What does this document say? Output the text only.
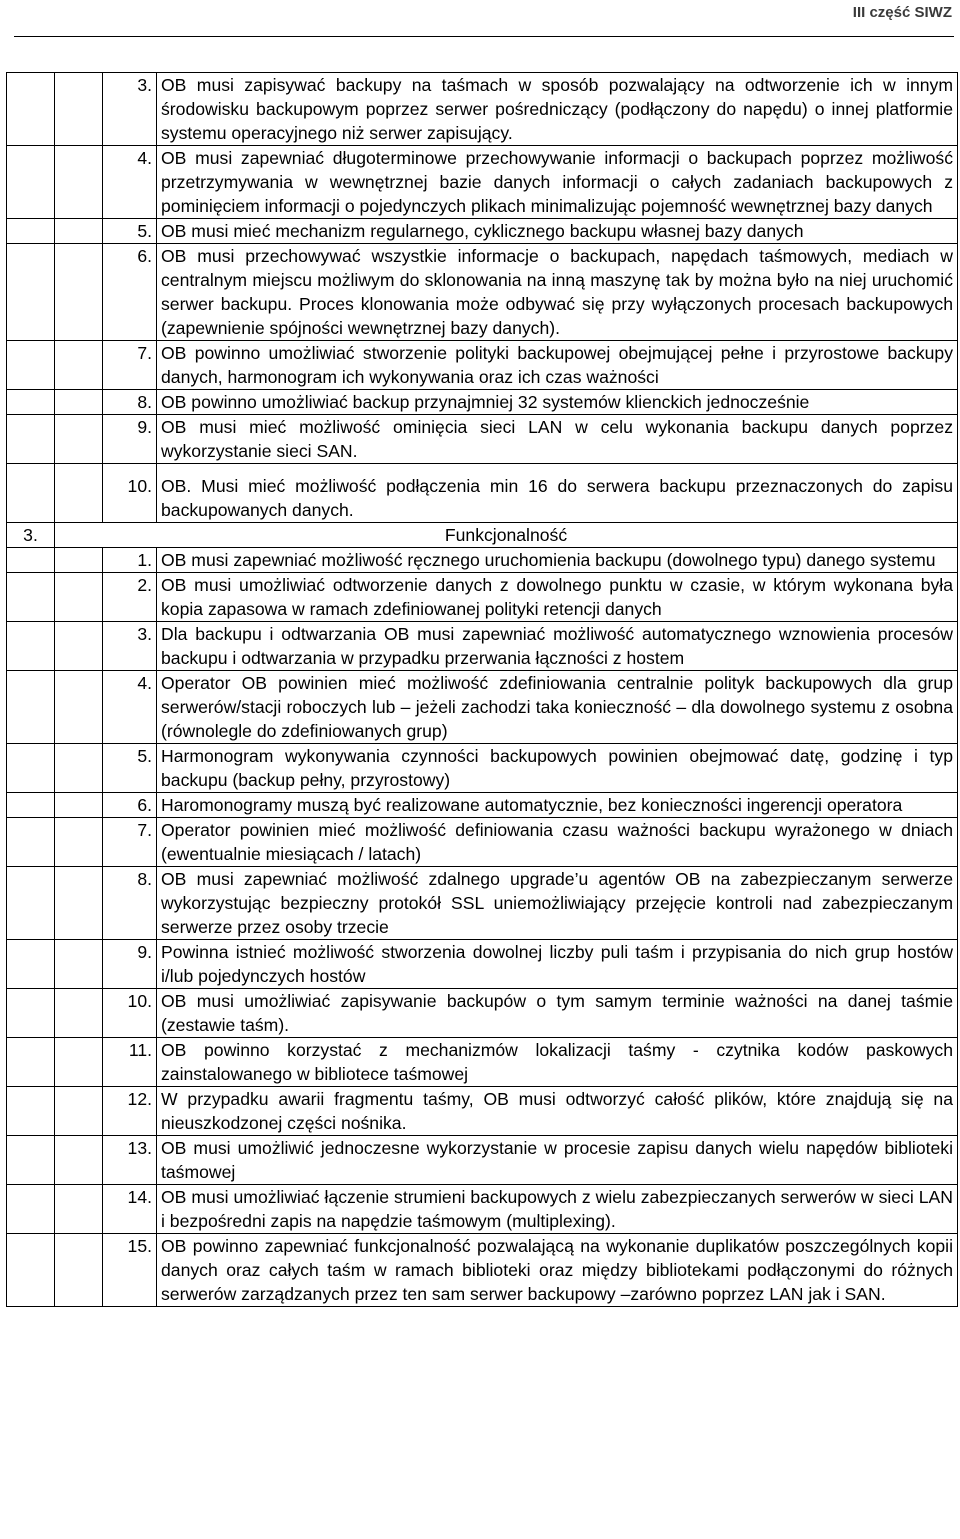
III część SIWZ
		3.	OB musi zapisywać backupy na taśmach w sposób pozwalający na odtworzenie ich w innym środowisku backupowym poprzez serwer pośredniczący (podłączony do napędu) o innej platformie systemu operacyjnego niż serwer zapisujący.
		4.	OB musi zapewniać długoterminowe przechowywanie informacji o backupach poprzez możliwość przetrzymywania w wewnętrznej bazie danych informacji o całych zadaniach backupowych z pominięciem informacji o pojedynczych plikach minimalizując pojemność wewnętrznej bazy danych
		5.	OB musi mieć mechanizm regularnego, cyklicznego backupu własnej bazy danych
		6.	OB musi przechowywać wszystkie informacje o backupach, napędach taśmowych, mediach w centralnym miejscu możliwym do sklonowania na inną maszynę tak by można było na niej uruchomić serwer backupu. Proces klonowania może odbywać się przy wyłączonych procesach backupowych (zapewnienie spójności wewnętrznej bazy danych).
		7.	OB powinno umożliwiać stworzenie polityki backupowej obejmującej pełne i przyrostowe backupy danych, harmonogram ich wykonywania oraz ich czas ważności
		8.	OB powinno umożliwiać backup przynajmniej 32 systemów klienckich jednocześnie
		9.	OB musi mieć możliwość ominięcia sieci LAN w celu wykonania backupu danych poprzez wykorzystanie sieci SAN.
		10.	OB. Musi mieć możliwość podłączenia min 16 do serwera backupu przeznaczonych do zapisu backupowanych danych.
3.	Funkcjonalność		
		1.	OB musi zapewniać możliwość ręcznego uruchomienia backupu (dowolnego typu) danego systemu
		2.	OB musi umożliwiać odtworzenie danych z dowolnego punktu w czasie, w którym wykonana była kopia zapasowa w ramach zdefiniowanej polityki retencji danych
		3.	Dla backupu i odtwarzania OB musi zapewniać możliwość automatycznego wznowienia procesów backupu i odtwarzania w przypadku przerwania łączności z hostem
		4.	Operator OB powinien mieć możliwość zdefiniowania centralnie polityk backupowych dla grup serwerów/stacji roboczych lub – jeżeli zachodzi taka konieczność – dla dowolnego systemu z osobna (równolegle do zdefiniowanych grup)
		5.	Harmonogram wykonywania czynności backupowych powinien obejmować datę, godzinę i typ backupu (backup pełny, przyrostowy)
		6.	Haromonogramy muszą być realizowane automatycznie, bez konieczności ingerencji operatora
		7.	Operator powinien mieć możliwość definiowania czasu ważności backupu wyrażonego w dniach (ewentualnie miesiącach / latach)
		8.	OB musi zapewniać możliwość zdalnego upgrade’u agentów OB na zabezpieczanym serwerze wykorzystując bezpieczny protokół SSL uniemożliwiający przejęcie kontroli nad zabezpieczanym serwerze przez osoby trzecie
		9.	Powinna istnieć możliwość stworzenia dowolnej liczby puli taśm i przypisania do nich grup hostów i/lub pojedynczych hostów
		10.	OB musi umożliwiać zapisywanie backupów o tym samym terminie ważności na danej taśmie (zestawie taśm).
		11.	OB powinno korzystać z mechanizmów lokalizacji taśmy - czytnika kodów paskowych zainstalowanego w bibliotece taśmowej
		12.	W przypadku awarii fragmentu taśmy, OB musi odtworzyć całość plików, które znajdują się na nieuszkodzonej części nośnika.
		13.	OB musi umożliwić jednoczesne wykorzystanie w procesie zapisu danych wielu napędów biblioteki taśmowej
		14.	OB musi umożliwiać łączenie strumieni backupowych z wielu zabezpieczanych serwerów w sieci LAN i bezpośredni zapis na napędzie taśmowym (multiplexing).
		15.	OB powinno zapewniać funkcjonalność pozwalającą na wykonanie duplikatów poszczególnych kopii danych oraz całych taśm w ramach biblioteki oraz między bibliotekami podłączonymi do różnych serwerów zarządzanych przez ten sam serwer backupowy –zarówno poprzez LAN jak i SAN.
